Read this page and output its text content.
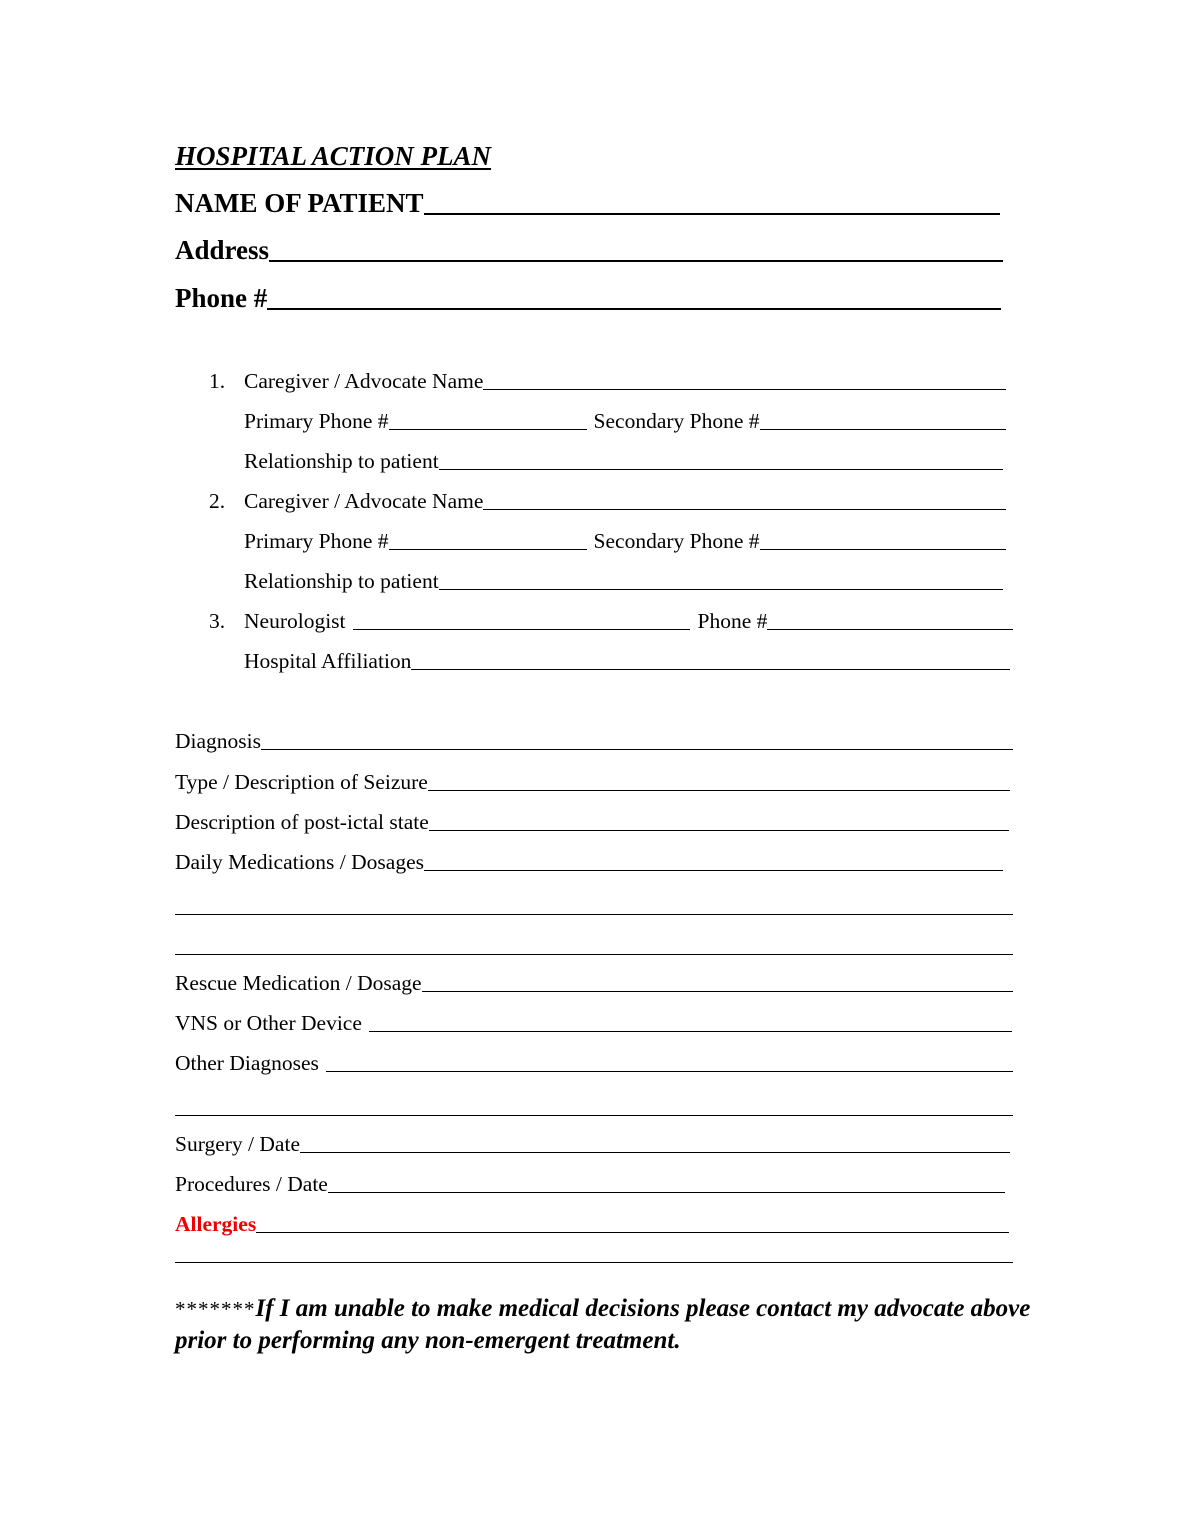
HOSPITAL ACTION PLAN
NAME OF PATIENT
Address
Phone #
1. Caregiver / Advocate Name
Primary Phone #	Secondary Phone #
Relationship to patient
2. Caregiver / Advocate Name
Primary Phone #	Secondary Phone #
Relationship to patient
3. Neurologist	Phone #
Hospital Affiliation
Diagnosis
Type / Description of Seizure
Description of post-ictal state
Daily Medications / Dosages
Rescue Medication / Dosage
VNS or Other Device
Other Diagnoses
Surgery / Date
Procedures / Date
Allergies
*******If I am unable to make medical decisions please contact my advocate above prior to performing any non-emergent treatment.
